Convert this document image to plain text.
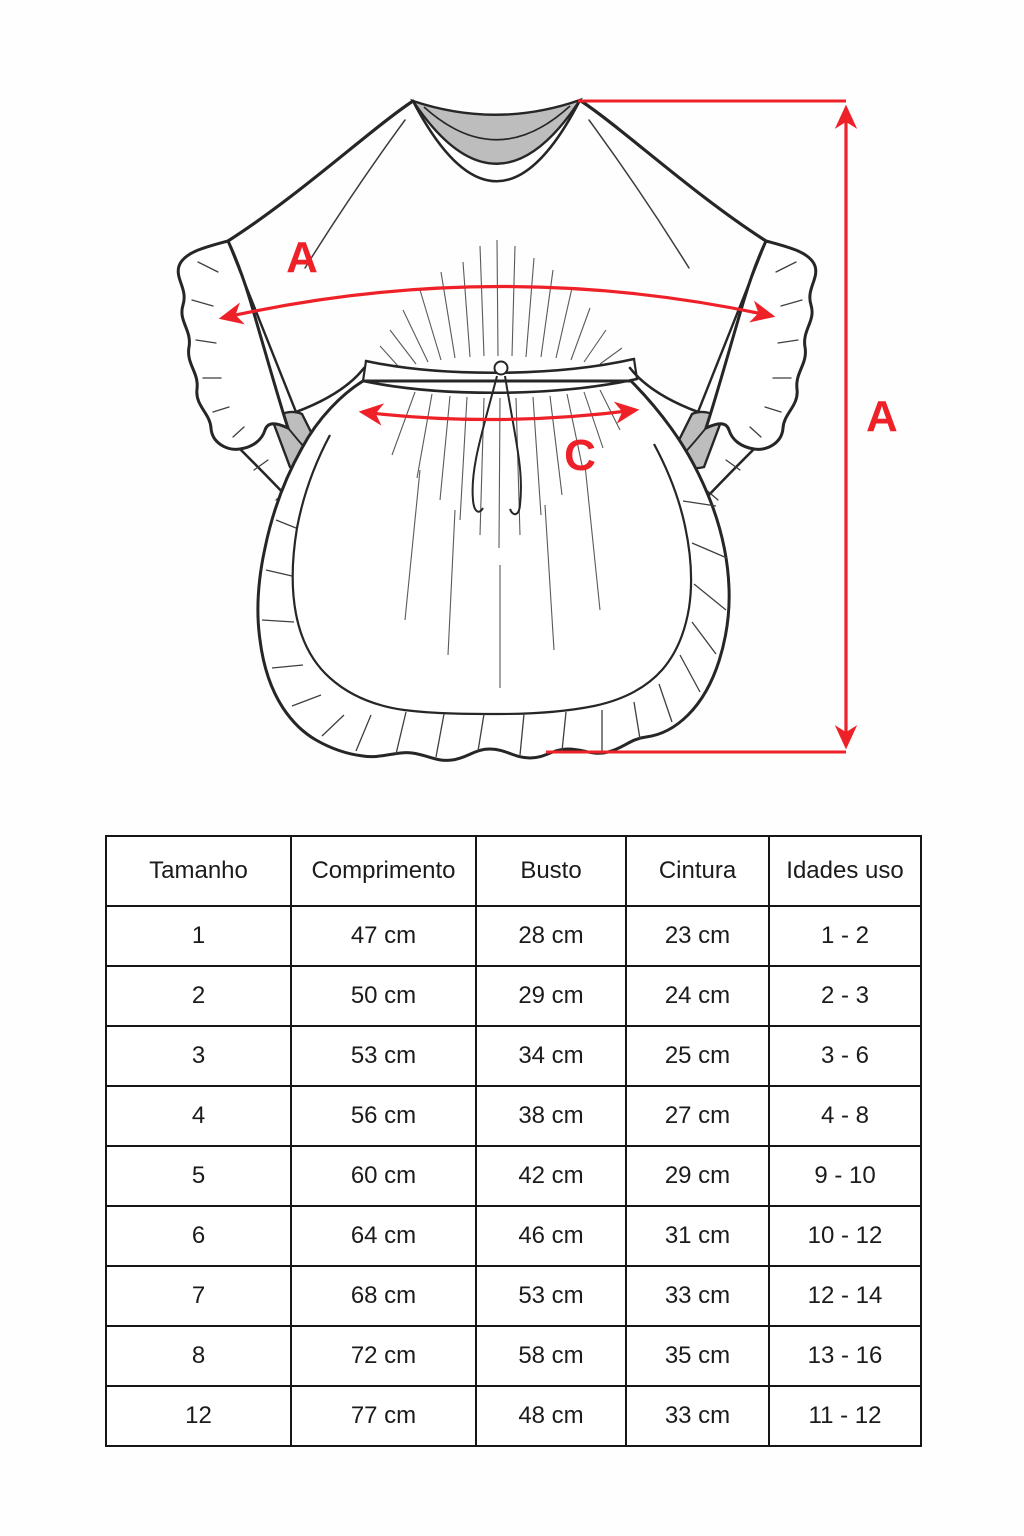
A
C
A
Tamanho	Comprimento	Busto	Cintura	Idades uso
1	47 cm	28 cm	23 cm	1 - 2
2	50 cm	29 cm	24 cm	2 - 3
3	53 cm	34 cm	25 cm	3 - 6
4	56 cm	38 cm	27 cm	4 - 8
5	60 cm	42 cm	29 cm	9 - 10
6	64 cm	46 cm	31 cm	10 - 12
7	68 cm	53 cm	33 cm	12 - 14
8	72 cm	58 cm	35 cm	13 - 16
12	77 cm	48 cm	33 cm	11 - 12
